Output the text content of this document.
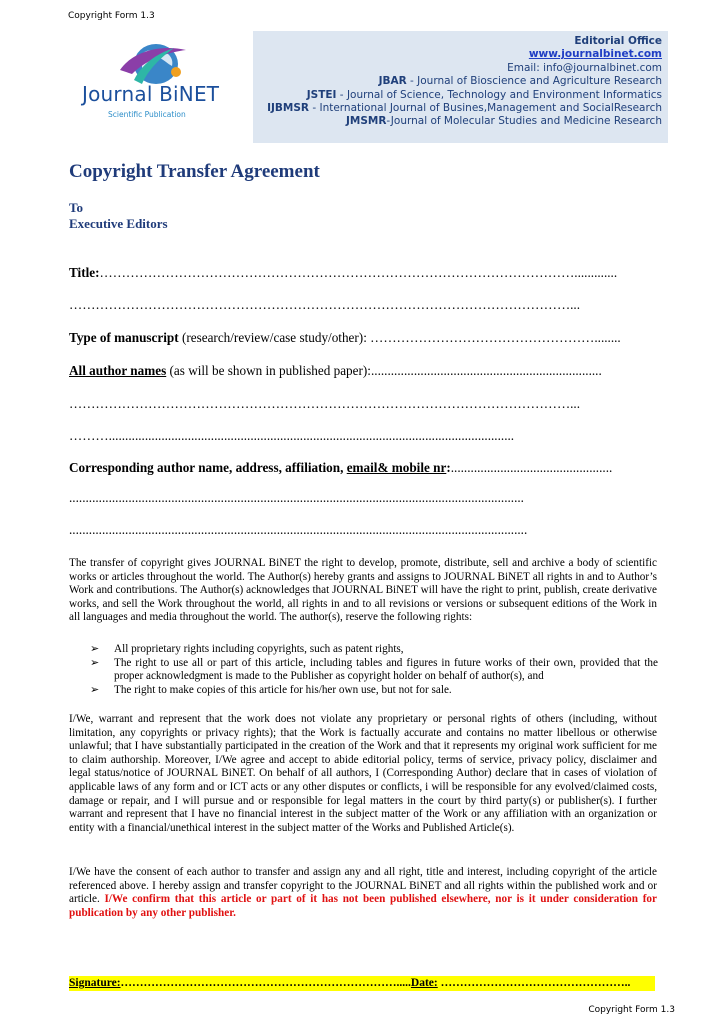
Copyright Form 1.3
Journal BiNET
Scientific Publication
Editorial Office
www.journalbinet.com
Email: info@journalbinet.com
JBAR - Journal of Bioscience and Agriculture Research
JSTEI - Journal of Science, Technology and Environment Informatics
IJBMSR - International Journal of Busines,Management and SocialResearch
JMSMR-Journal of Molecular Studies and Medicine Research
Copyright Transfer Agreement
To
Executive Editors
Title:……………………………………………………………………………………………….............
……………………………………………………………………………………………………...
Type of manuscript (research/review/case study/other): ……………………………………………........
All author names (as will be shown in published paper):......................................................................
……………………………………………………………………………………………………...
………...........................................................................................................................
Corresponding author name, address, affiliation, email& mobile nr:.................................................
..........................................................................................................................................
...........................................................................................................................................
The transfer of copyright gives JOURNAL BiNET the right to develop, promote, distribute, sell and archive a body of scientific works or articles throughout the world. The Author(s) hereby grants and assigns to JOURNAL BiNET all rights in and to Author’s Work and contributions. The Author(s) acknowledges that JOURNAL BiNET will have the right to print, publish, create derivative works, and sell the Work throughout the world, all rights in and to all revisions or versions or subsequent editions of the Work in all languages and media throughout the world. The author(s), reserve the following rights:
➢ All proprietary rights including copyrights, such as patent rights,
➢ The right to use all or part of this article, including tables and figures in future works of their own, provided that the proper acknowledgment is made to the Publisher as copyright holder on behalf of author(s), and
➢ The right to make copies of this article for his/her own use, but not for sale.
I/We, warrant and represent that the work does not violate any proprietary or personal rights of others (including, without limitation, any copyrights or privacy rights); that the Work is factually accurate and contains no matter libellous or otherwise unlawful; that I have substantially participated in the creation of the Work and that it represents my original work sufficient for me to claim authorship. Moreover, I/We agree and accept to abide editorial policy, terms of service, privacy policy, disclaimer and legal status/notice of JOURNAL BiNET. On behalf of all authors, I (Corresponding Author) declare that in cases of violation of applicable laws of any form and or ICT acts or any other disputes or conflicts, i will be responsible for any evolved/claimed costs, damage or repair, and I will pursue and or responsible for legal matters in the court by third party(s) or publisher(s). I further warrant and represent that I have no financial interest in the subject matter of the Work or any affiliation with an organization or entity with a financial/unethical interest in the subject matter of the Works and Published Article(s).
I/We have the consent of each author to transfer and assign any and all right, title and interest, including copyright of the article referenced above. I hereby assign and transfer copyright to the JOURNAL BiNET and all rights within the published work and or article. I/We confirm that this article or part of it has not been published elsewhere, nor is it under consideration for publication by any other publisher.
Signature:……………………………………………………………….....Date: …………………………………………..
Copyright Form 1.3
